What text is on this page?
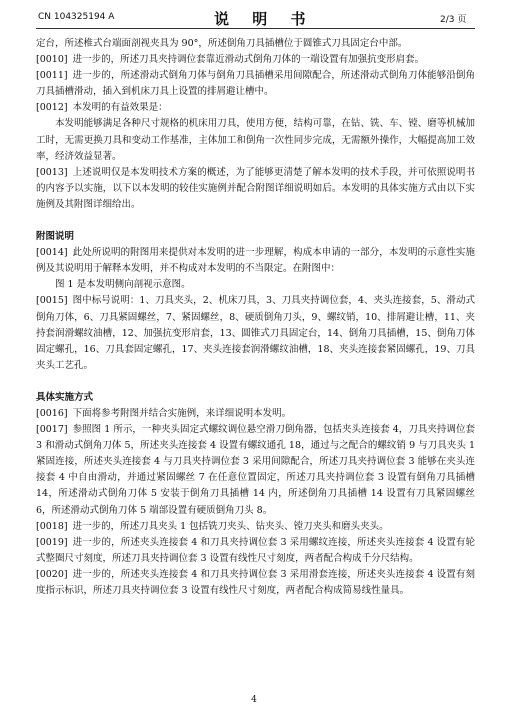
CN 104325194 A	说 明 书	2/3 页

定台，所述椎式台端面剖视夹具为 90°，所述倒角刀具插槽位于圆锥式刀具固定台中部。

[0010] 进一步的，所述刀具夹持调位套靠近滑动式倒角刀体的一端设置有加强抗变形肩套。

[0011] 进一步的，所述滑动式倒角刀体与倒角刀具插槽采用间隙配合，所述滑动式倒角刀体能够沿倒角刀具插槽滑动，插入到机床刀具上设置的排屑避让槽中。

[0012] 本发明的有益效果是：

本发明能够满足各种尺寸规格的机床用刀具，使用方便，结构可靠，在钻、铣、车、镗、磨等机械加工时，无需更换刀具和变动工作基准，主体加工和倒角一次性同步完成，无需额外操作，大幅提高加工效率，经济效益显著。

[0013] 上述说明仅是本发明技术方案的概述，为了能够更清楚了解本发明的技术手段，并可依照说明书的内容予以实施，以下以本发明的较佳实施例并配合附图详细说明如后。本发明的具体实施方式由以下实施例及其附图详细给出。

附图说明

[0014] 此处所说明的附图用来提供对本发明的进一步理解，构成本申请的一部分，本发明的示意性实施例及其说明用于解释本发明，并不构成对本发明的不当限定。在附图中：

图 1 是本发明侧向剖视示意图。

[0015] 图中标号说明：1、刀具夹头，2、机床刀具，3、刀具夹持调位套，4、夹头连接套，5、滑动式倒角刀体，6、刀具紧固螺丝，7、紧固螺丝，8、硬质倒角刀头，9、螺纹销，10、排屑避让槽，11、夹持套润滑螺纹油槽，12、加强抗变形肩套，13、圆锥式刀具固定台，14、倒角刀具插槽，15、倒角刀体固定螺孔，16、刀具套固定螺孔，17、夹头连接套润滑螺纹油槽，18、夹头连接套紧固螺孔，19、刀具夹头工艺孔。

具体实施方式

[0016] 下面将参考附图并结合实施例，来详细说明本发明。

[0017] 参照图 1 所示，一种夹头固定式螺纹调位悬空滑刀倒角器，包括夹头连接套 4，刀具夹持调位套 3 和滑动式倒角刀体 5，所述夹头连接套 4 设置有螺纹通孔 18，通过与之配合的螺纹销 9 与刀具夹头 1 紧固连接，所述夹头连接套 4 与刀具夹持调位套 3 采用间隙配合，所述刀具夹持调位套 3 能够在夹头连接套 4 中自由滑动，并通过紧固螺丝 7 在任意位置固定，所述刀具夹持调位套 3 设置有倒角刀具插槽 14，所述滑动式倒角刀体 5 安装于倒角刀具插槽 14 内，所述倒角刀具插槽 14 设置有刀具紧固螺丝 6，所述滑动式倒角刀体 5 端部设置有硬质倒角刀头 8。

[0018] 进一步的，所述刀具夹头 1 包括铣刀夹头、钻夹头、镗刀夹头和磨头夹头。

[0019] 进一步的，所述夹头连接套 4 和刀具夹持调位套 3 采用螺纹连接，所述夹头连接套 4 设置有轮式整圈尺寸刻度，所述刀具夹持调位套 3 设置有线性尺寸刻度，两者配合构成千分尺结构。

[0020] 进一步的，所述夹头连接套 4 和刀具夹持调位套 3 采用滑套连接，所述夹头连接套 4 设置有刻度指示标识，所述刀具夹持调位套 3 设置有线性尺寸刻度，两者配合构成简易线性量具。

4
